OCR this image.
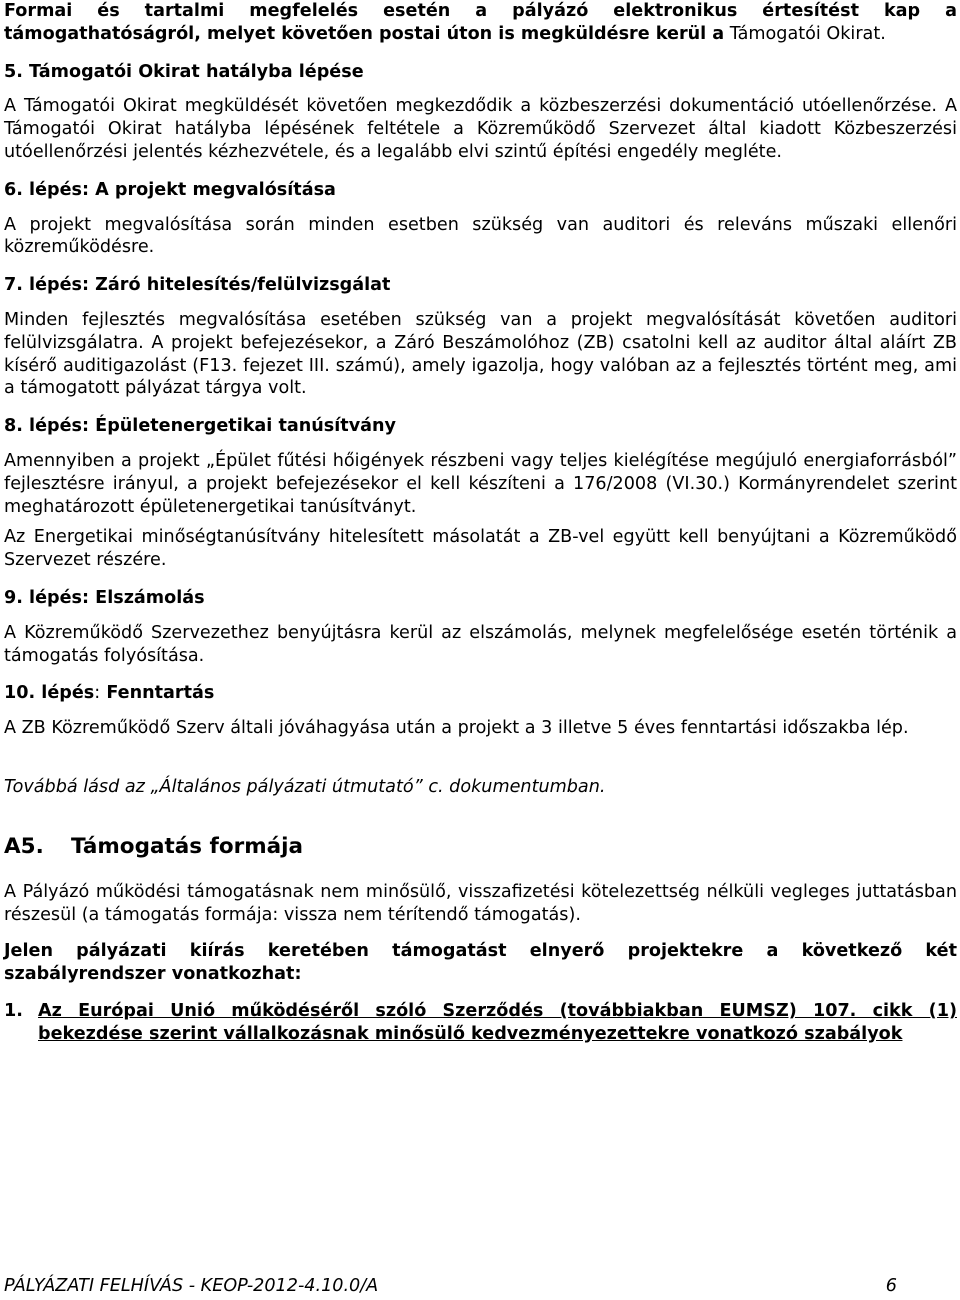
Formai és tartalmi megfelelés esetén a pályázó elektronikus értesítést kap a támogathatóságról, melyet követően postai úton is megküldésre kerül a Támogatói Okirat.

5. Támogatói Okirat hatályba lépése

A Támogatói Okirat megküldését követően megkezdődik a közbeszerzési dokumentáció utóellenőrzése. A Támogatói Okirat hatályba lépésének feltétele a Közreműködő Szervezet által kiadott Közbeszerzési utóellenőrzési jelentés kézhezvétele, és a legalább elvi szintű építési engedély megléte.

6. lépés: A projekt megvalósítása

A projekt megvalósítása során minden esetben szükség van auditori és releváns műszaki ellenőri közreműködésre.

7. lépés: Záró hitelesítés/felülvizsgálat

Minden fejlesztés megvalósítása esetében szükség van a projekt megvalósítását követően auditori felülvizsgálatra. A projekt befejezésekor, a Záró Beszámolóhoz (ZB) csatolni kell az auditor által aláírt ZB kísérő auditigazolást (F13. fejezet III. számú), amely igazolja, hogy valóban az a fejlesztés történt meg, ami a támogatott pályázat tárgya volt.

8. lépés: Épületenergetikai tanúsítvány

Amennyiben a projekt „Épület fűtési hőigények részbeni vagy teljes kielégítése megújuló energiaforrásból” fejlesztésre irányul, a projekt befejezésekor el kell készíteni a 176/2008 (VI.30.) Kormányrendelet szerint meghatározott épületenergetikai tanúsítványt.

Az Energetikai minőségtanúsítvány hitelesített másolatát a ZB-vel együtt kell benyújtani a Közreműködő Szervezet részére.

9. lépés: Elszámolás

A Közreműködő Szervezethez benyújtásra kerül az elszámolás, melynek megfelelősége esetén történik a támogatás folyósítása.

10. lépés: Fenntartás

A ZB Közreműködő Szerv általi jóváhagyása után a projekt a 3 illetve 5 éves fenntartási időszakba lép.

Továbbá lásd az „Általános pályázati útmutató” c. dokumentumban.

A5. Támogatás formája

A Pályázó működési támogatásnak nem minősülő, visszafizetési kötelezettség nélküli vegleges juttatásban részesül (a támogatás formája: vissza nem térítendő támogatás).

Jelen pályázati kiírás keretében támogatást elnyerő projektekre a következő két szabályrendszer vonatkozhat:

1. Az Európai Unió működéséről szóló Szerződés (továbbiakban EUMSZ) 107. cikk (1) bekezdése szerint vállalkozásnak minősülő kedvezményezettekre vonatkozó szabályok
PÁLYÁZATI FELHÍVÁS - KEOP-2012-4.10.0/A	6
